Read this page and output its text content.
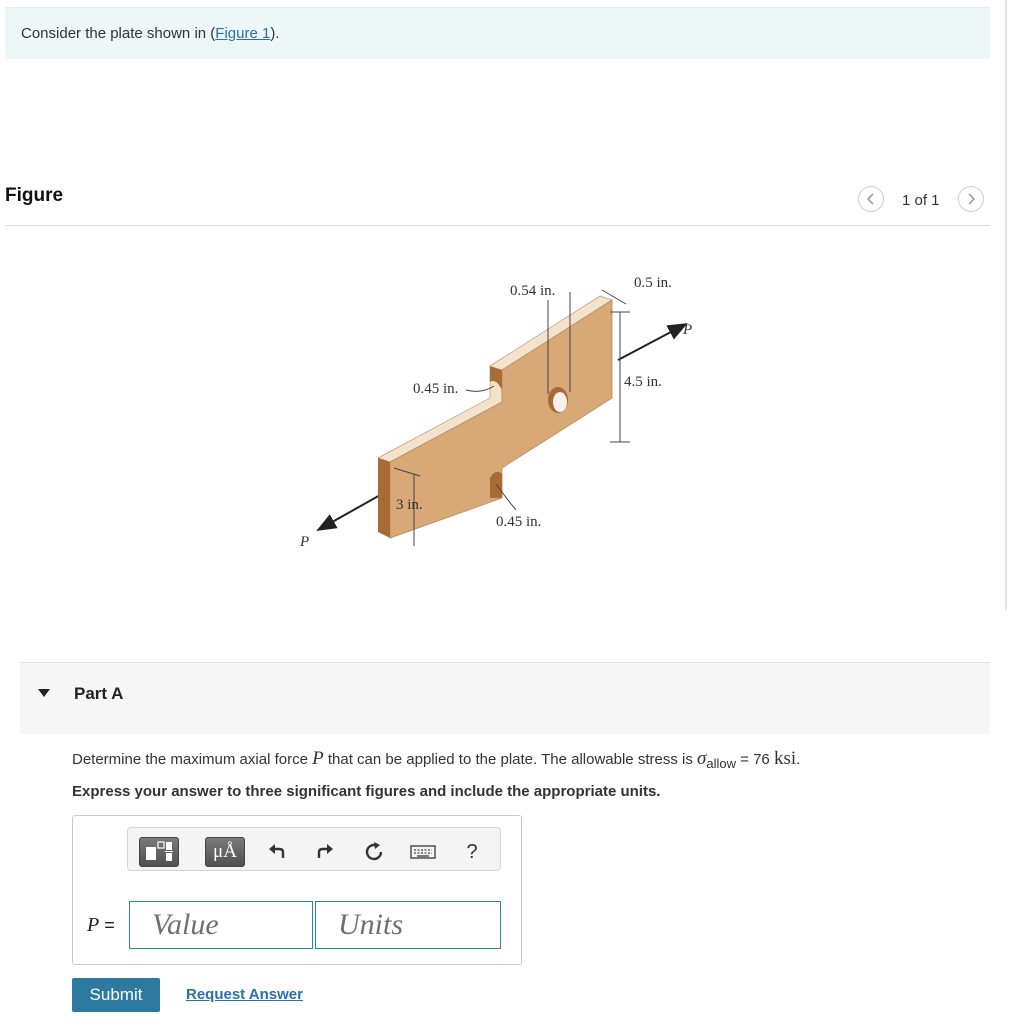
Consider the plate shown in (Figure 1).
Figure	1 of 1
0.54 in.	0.5 in.
P
0.45 in.	4.5 in.
3 in.
0.45 in.
P
Part A
Determine the maximum axial force P that can be applied to the plate. The allowable stress is σallow = 76 ksi.
Express your answer to three significant figures and include the appropriate units.
μÅ	?
P =
Value
Units
Submit	Request Answer
